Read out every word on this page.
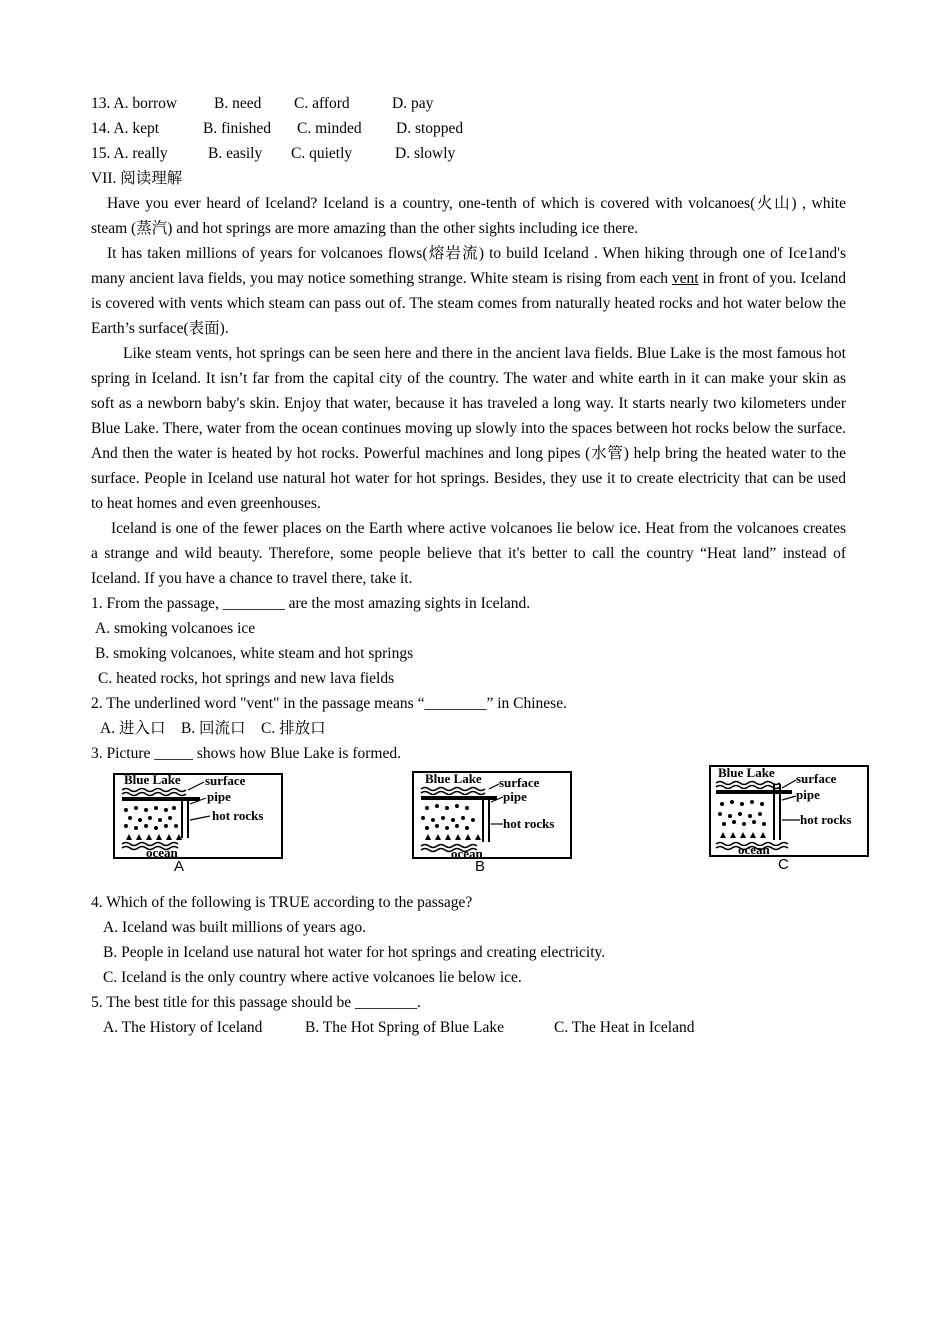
13. A. borrow	B. need	C. afford	D. pay
14. A. kept	B. finished	C. minded	D. stopped
15. A. really	B. easily	C. quietly	D. slowly
VII. 阅读理解

Have you ever heard of Iceland? Iceland is a country, one-tenth of which is covered with volcanoes(火山) , white steam (蒸汽) and hot springs are more amazing than the other sights including ice there.

It has taken millions of years for volcanoes flows(熔岩流) to build Iceland . When hiking through one of Ice1and's many ancient lava fields, you may notice something strange. White steam is rising from each vent in front of you. Iceland is covered with vents which steam can pass out of. The steam comes from naturally heated rocks and hot water below the Earth’s surface(表面).

Like steam vents, hot springs can be seen here and there in the ancient lava fields. Blue Lake is the most famous hot spring in Iceland. It isn’t far from the capital city of the country. The water and white earth in it can make your skin as soft as a newborn baby's skin. Enjoy that water, because it has traveled a long way. It starts nearly two kilometers under Blue Lake. There, water from the ocean continues moving up slowly into the spaces between hot rocks below the surface. And then the water is heated by hot rocks. Powerful machines and long pipes (水管) help bring the heated water to the surface. People in Iceland use natural hot water for hot springs. Besides, they use it to create electricity that can be used to heat homes and even greenhouses.

Iceland is one of the fewer places on the Earth where active volcanoes lie below ice. Heat from the volcanoes creates a strange and wild beauty. Therefore, some people believe that it's better to call the country “Heat land” instead of Iceland. If you have a chance to travel there, take it.

1. From the passage, ________ are the most amazing sights in Iceland.
A. smoking volcanoes ice
B. smoking volcanoes, white steam and hot springs
C. heated rocks, hot springs and new lava fields
2. The underlined word "vent" in the passage means “________” in Chinese.
A. 进入口    B. 回流口    C. 排放口
3. Picture _____ shows how Blue Lake is formed.
Blue Lake surface
pipe
hot rocks
ocean
A
Blue Lake surface
pipe
hot rocks
ocean
B
Blue Lake surface
pipe
hot rocks
ocean
C
4. Which of the following is TRUE according to the passage?
A. Iceland was built millions of years ago.
B. People in Iceland use natural hot water for hot springs and creating electricity.
C. Iceland is the only country where active volcanoes lie below ice.
5. The best title for this passage should be ________.
A. The History of Iceland	B. The Hot Spring of Blue Lake	C. The Heat in Iceland
